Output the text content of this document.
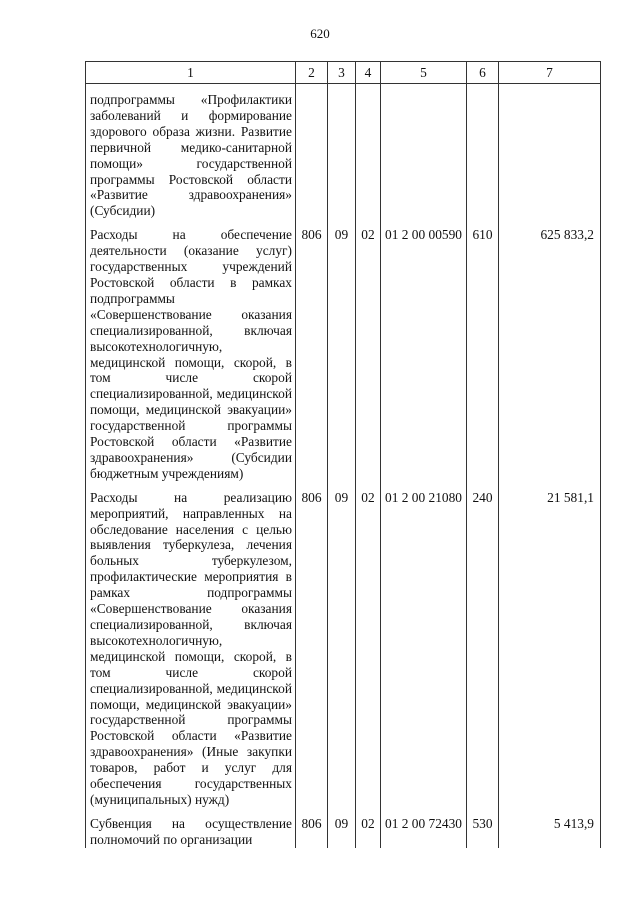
620
1	2	3	4	5	6	7

подпрограммы «Профилактики заболеваний и формирование здорового образа жизни. Развитие первичной медико-санитарной помощи» государственной программы Ростовской области «Развитие здравоохранения» (Субсидии)						

Расходы на обеспечение деятельности (оказание услуг) государственных учреждений Ростовской области в рамках подпрограммы «Совершенствование оказания специализированной, включая высокотехнологичную, медицинской помощи, скорой, в том числе скорой специализированной, медицинской помощи, медицинской эвакуации» государственной программы Ростовской области «Развитие здравоохранения» (Субсидии бюджетным учреждениям)	806	09	02	01 2 00 00590	610	625 833,2

Расходы на реализацию мероприятий, направленных на обследование населения с целью выявления туберкулеза, лечения больных туберкулезом, профилактические мероприятия в рамках подпрограммы «Совершенствование оказания специализированной, включая высокотехнологичную, медицинской помощи, скорой, в том числе скорой специализированной, медицинской помощи, медицинской эвакуации» государственной программы Ростовской области «Развитие здравоохранения» (Иные закупки товаров, работ и услуг для обеспечения государственных (муниципальных) нужд)	806	09	02	01 2 00 21080	240	21 581,1

Субвенция на осуществление полномочий по организации	806	09	02	01 2 00 72430	530	5 413,9
